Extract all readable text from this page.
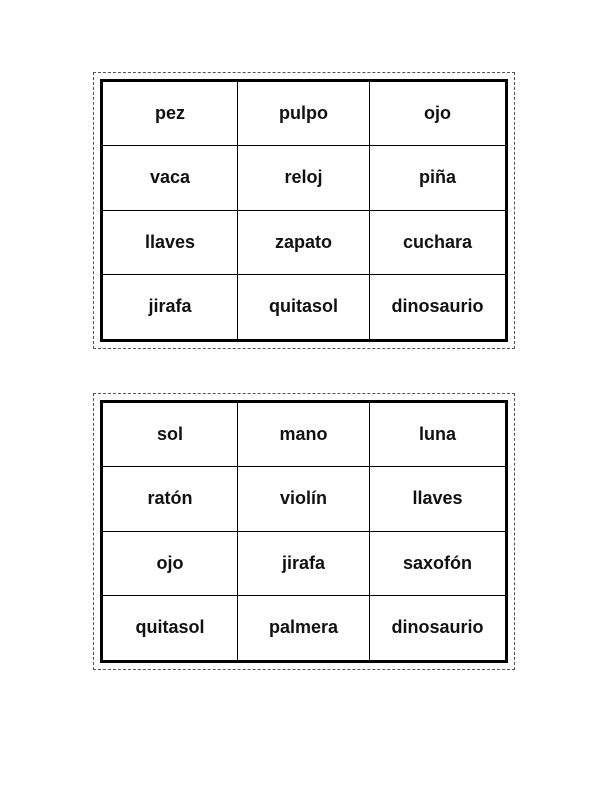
pez	pulpo	ojo
vaca	reloj	piña
llaves	zapato	cuchara
jirafa	quitasol	dinosaurio
sol	mano	luna
ratón	violín	llaves
ojo	jirafa	saxofón
quitasol	palmera	dinosaurio
